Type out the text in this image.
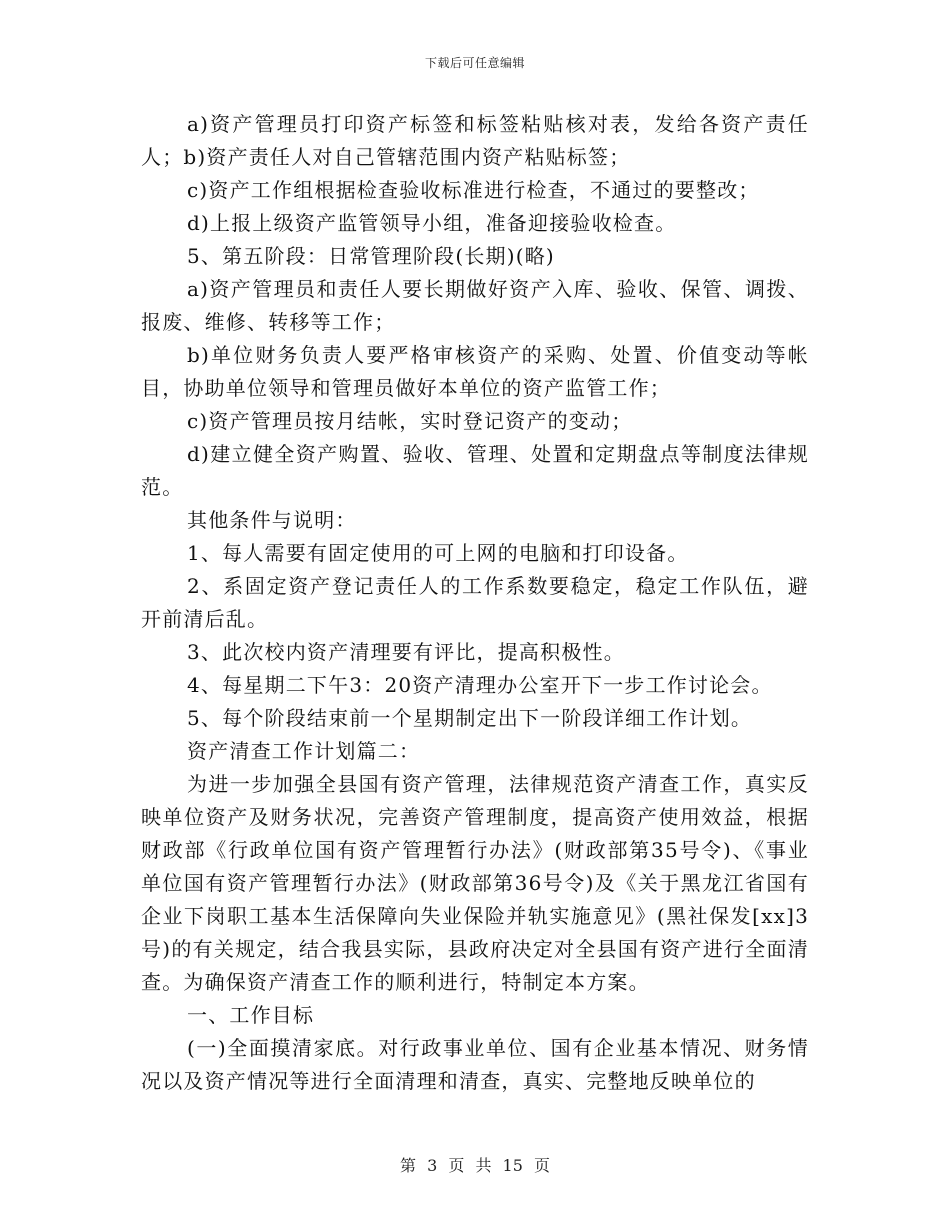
下载后可任意编辑

a)资产管理员打印资产标签和标签粘贴核对表，发给各资产责任人；b)资产责任人对自己管辖范围内资产粘贴标签；

c)资产工作组根据检查验收标准进行检查，不通过的要整改；

d)上报上级资产监管领导小组，准备迎接验收检查。

5、第五阶段：日常管理阶段(长期)(略)

a)资产管理员和责任人要长期做好资产入库、验收、保管、调拨、报废、维修、转移等工作；

b)单位财务负责人要严格审核资产的采购、处置、价值变动等帐目，协助单位领导和管理员做好本单位的资产监管工作；

c)资产管理员按月结帐，实时登记资产的变动；

d)建立健全资产购置、验收、管理、处置和定期盘点等制度法律规范。

其他条件与说明：

1、每人需要有固定使用的可上网的电脑和打印设备。

2、系固定资产登记责任人的工作系数要稳定，稳定工作队伍，避开前清后乱。

3、此次校内资产清理要有评比，提高积极性。

4、每星期二下午3：20资产清理办公室开下一步工作讨论会。

5、每个阶段结束前一个星期制定出下一阶段详细工作计划。

资产清查工作计划篇二：

为进一步加强全县国有资产管理，法律规范资产清查工作，真实反映单位资产及财务状况，完善资产管理制度，提高资产使用效益，根据财政部《行政单位国有资产管理暂行办法》(财政部第35号令)、《事业单位国有资产管理暂行办法》(财政部第36号令)及《关于黑龙江省国有企业下岗职工基本生活保障向失业保险并轨实施意见》(黑社保发[xx]3号)的有关规定，结合我县实际，县政府决定对全县国有资产进行全面清查。为确保资产清查工作的顺利进行，特制定本方案。

一、工作目标

(一)全面摸清家底。对行政事业单位、国有企业基本情况、财务情况以及资产情况等进行全面清理和清查，真实、完整地反映单位的

第 3 页 共 15 页
